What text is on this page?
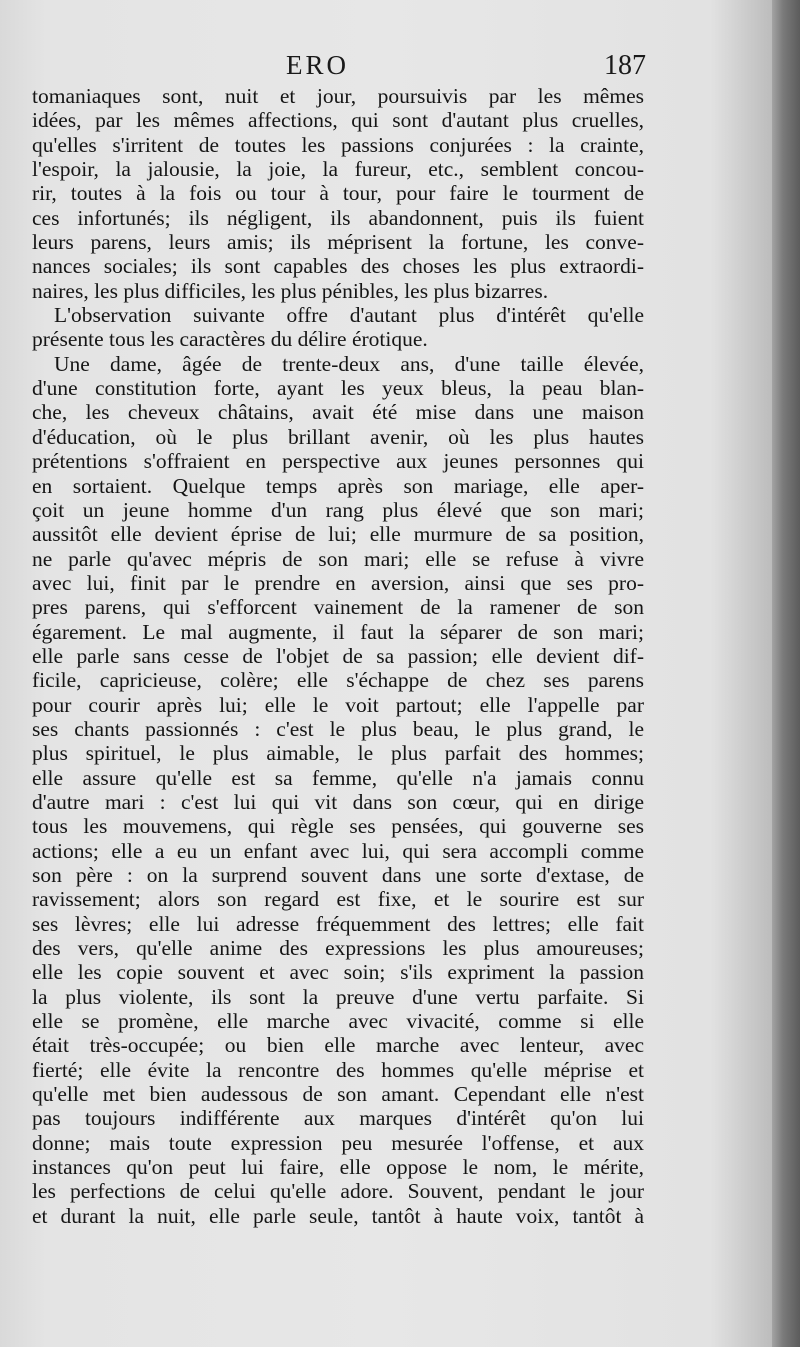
ERO	187
tomaniaques sont, nuit et jour, poursuivis par les mêmes
idées, par les mêmes affections, qui sont d'autant plus cruelles,
qu'elles s'irritent de toutes les passions conjurées : la crainte,
l'espoir, la jalousie, la joie, la fureur, etc., semblent concou-
rir, toutes à la fois ou tour à tour, pour faire le tourment de
ces infortunés; ils négligent, ils abandonnent, puis ils fuient
leurs parens, leurs amis; ils méprisent la fortune, les conve-
nances sociales; ils sont capables des choses les plus extraordi-
naires, les plus difficiles, les plus pénibles, les plus bizarres.
L'observation suivante offre d'autant plus d'intérêt qu'elle
présente tous les caractères du délire érotique.
Une dame, âgée de trente-deux ans, d'une taille élevée,
d'une constitution forte, ayant les yeux bleus, la peau blan-
che, les cheveux châtains, avait été mise dans une maison
d'éducation, où le plus brillant avenir, où les plus hautes
prétentions s'offraient en perspective aux jeunes personnes qui
en sortaient. Quelque temps après son mariage, elle aper-
çoit un jeune homme d'un rang plus élevé que son mari;
aussitôt elle devient éprise de lui; elle murmure de sa position,
ne parle qu'avec mépris de son mari; elle se refuse à vivre
avec lui, finit par le prendre en aversion, ainsi que ses pro-
pres parens, qui s'efforcent vainement de la ramener de son
égarement. Le mal augmente, il faut la séparer de son mari;
elle parle sans cesse de l'objet de sa passion; elle devient dif-
ficile, capricieuse, colère; elle s'échappe de chez ses parens
pour courir après lui; elle le voit partout; elle l'appelle par
ses chants passionnés : c'est le plus beau, le plus grand, le
plus spirituel, le plus aimable, le plus parfait des hommes;
elle assure qu'elle est sa femme, qu'elle n'a jamais connu
d'autre mari : c'est lui qui vit dans son cœur, qui en dirige
tous les mouvemens, qui règle ses pensées, qui gouverne ses
actions; elle a eu un enfant avec lui, qui sera accompli comme
son père : on la surprend souvent dans une sorte d'extase, de
ravissement; alors son regard est fixe, et le sourire est sur
ses lèvres; elle lui adresse fréquemment des lettres; elle fait
des vers, qu'elle anime des expressions les plus amoureuses;
elle les copie souvent et avec soin; s'ils expriment la passion
la plus violente, ils sont la preuve d'une vertu parfaite. Si
elle se promène, elle marche avec vivacité, comme si elle
était très-occupée; ou bien elle marche avec lenteur, avec
fierté; elle évite la rencontre des hommes qu'elle méprise et
qu'elle met bien audessous de son amant. Cependant elle n'est
pas toujours indifférente aux marques d'intérêt qu'on lui
donne; mais toute expression peu mesurée l'offense, et aux
instances qu'on peut lui faire, elle oppose le nom, le mérite,
les perfections de celui qu'elle adore. Souvent, pendant le jour
et durant la nuit, elle parle seule, tantôt à haute voix, tantôt à
